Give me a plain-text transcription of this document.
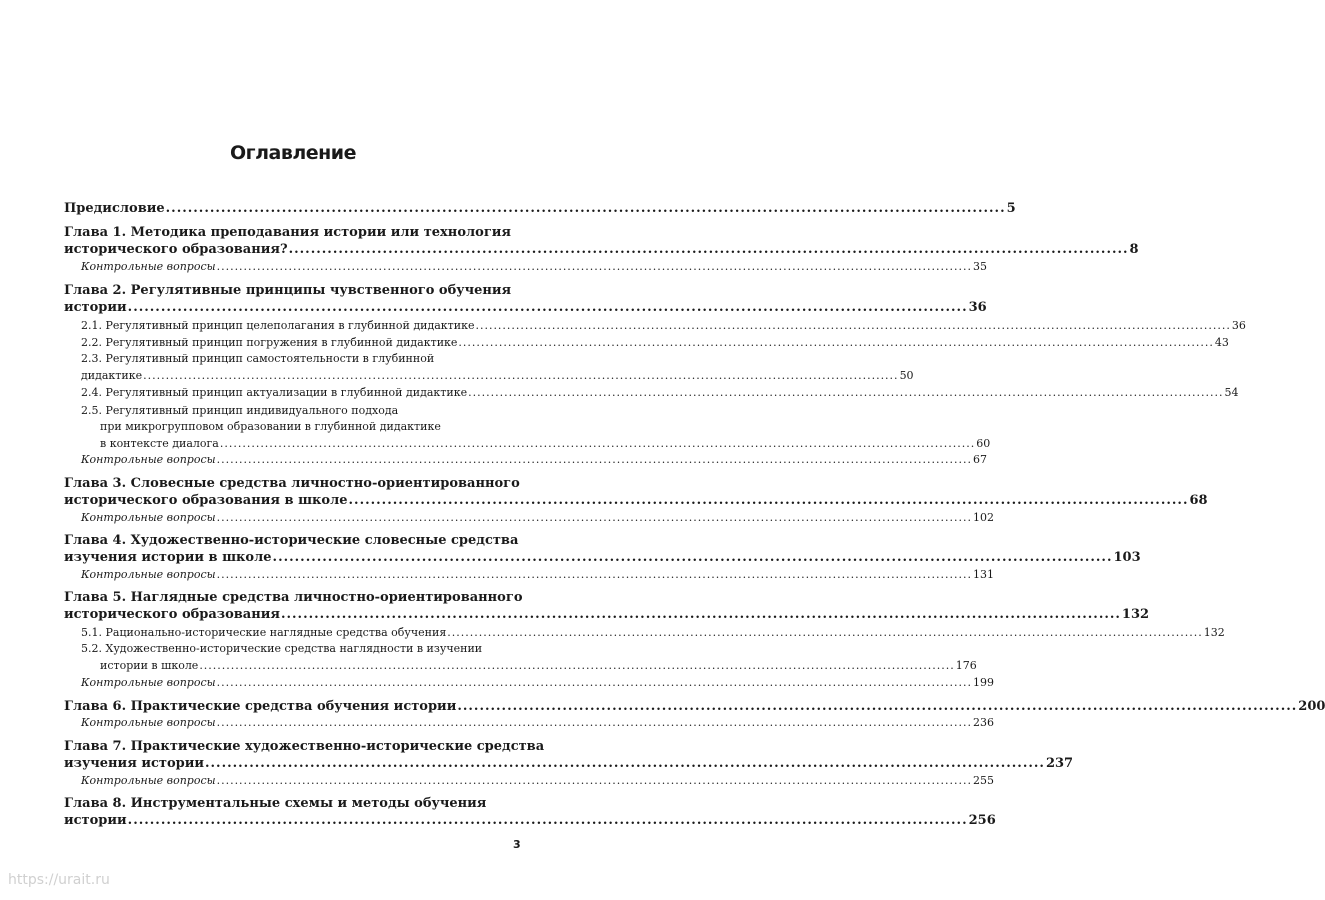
Оглавление
Предисловие ........................................................................................................................................................ 5
Глава 1. Методика преподавания истории или технология
исторического образования? ........................................................................................................................................................ 8
Контрольные вопросы ........................................................................................................................................................................ 35
Глава 2. Регулятивные принципы чувственного обучения
истории ........................................................................................................................................................ 36
2.1. Регулятивный принцип целеполагания в глубинной дидактике ........................................................................................................................................................................ 36
2.2. Регулятивный принцип погружения в глубинной дидактике ........................................................................................................................................................................ 43
2.3. Регулятивный принцип самостоятельности в глубинной
дидактике ........................................................................................................................................................................ 50
2.4. Регулятивный принцип актуализации в глубинной дидактике ........................................................................................................................................................................ 54
2.5. Регулятивный принцип индивидуального подхода
при микрогрупповом образовании в глубинной дидактике
в контексте диалога ........................................................................................................................................................................ 60
Контрольные вопросы ........................................................................................................................................................................ 67
Глава 3. Словесные средства личностно-ориентированного
исторического образования в школе ........................................................................................................................................................ 68
Контрольные вопросы ........................................................................................................................................................................ 102
Глава 4. Художественно-исторические словесные средства
изучения истории в школе ........................................................................................................................................................ 103
Контрольные вопросы ........................................................................................................................................................................ 131
Глава 5. Наглядные средства личностно-ориентированного
исторического образования ........................................................................................................................................................ 132
5.1. Рационально-исторические наглядные средства обучения ........................................................................................................................................................................ 132
5.2. Художественно-исторические средства наглядности в изучении
истории в школе ........................................................................................................................................................................ 176
Контрольные вопросы ........................................................................................................................................................................ 199
Глава 6. Практические средства обучения истории ........................................................................................................................................................ 200
Контрольные вопросы ........................................................................................................................................................................ 236
Глава 7. Практические художественно-исторические средства
изучения истории ........................................................................................................................................................ 237
Контрольные вопросы ........................................................................................................................................................................ 255
Глава 8. Инструментальные схемы и методы обучения
истории ........................................................................................................................................................ 256
3
https://urait.ru
